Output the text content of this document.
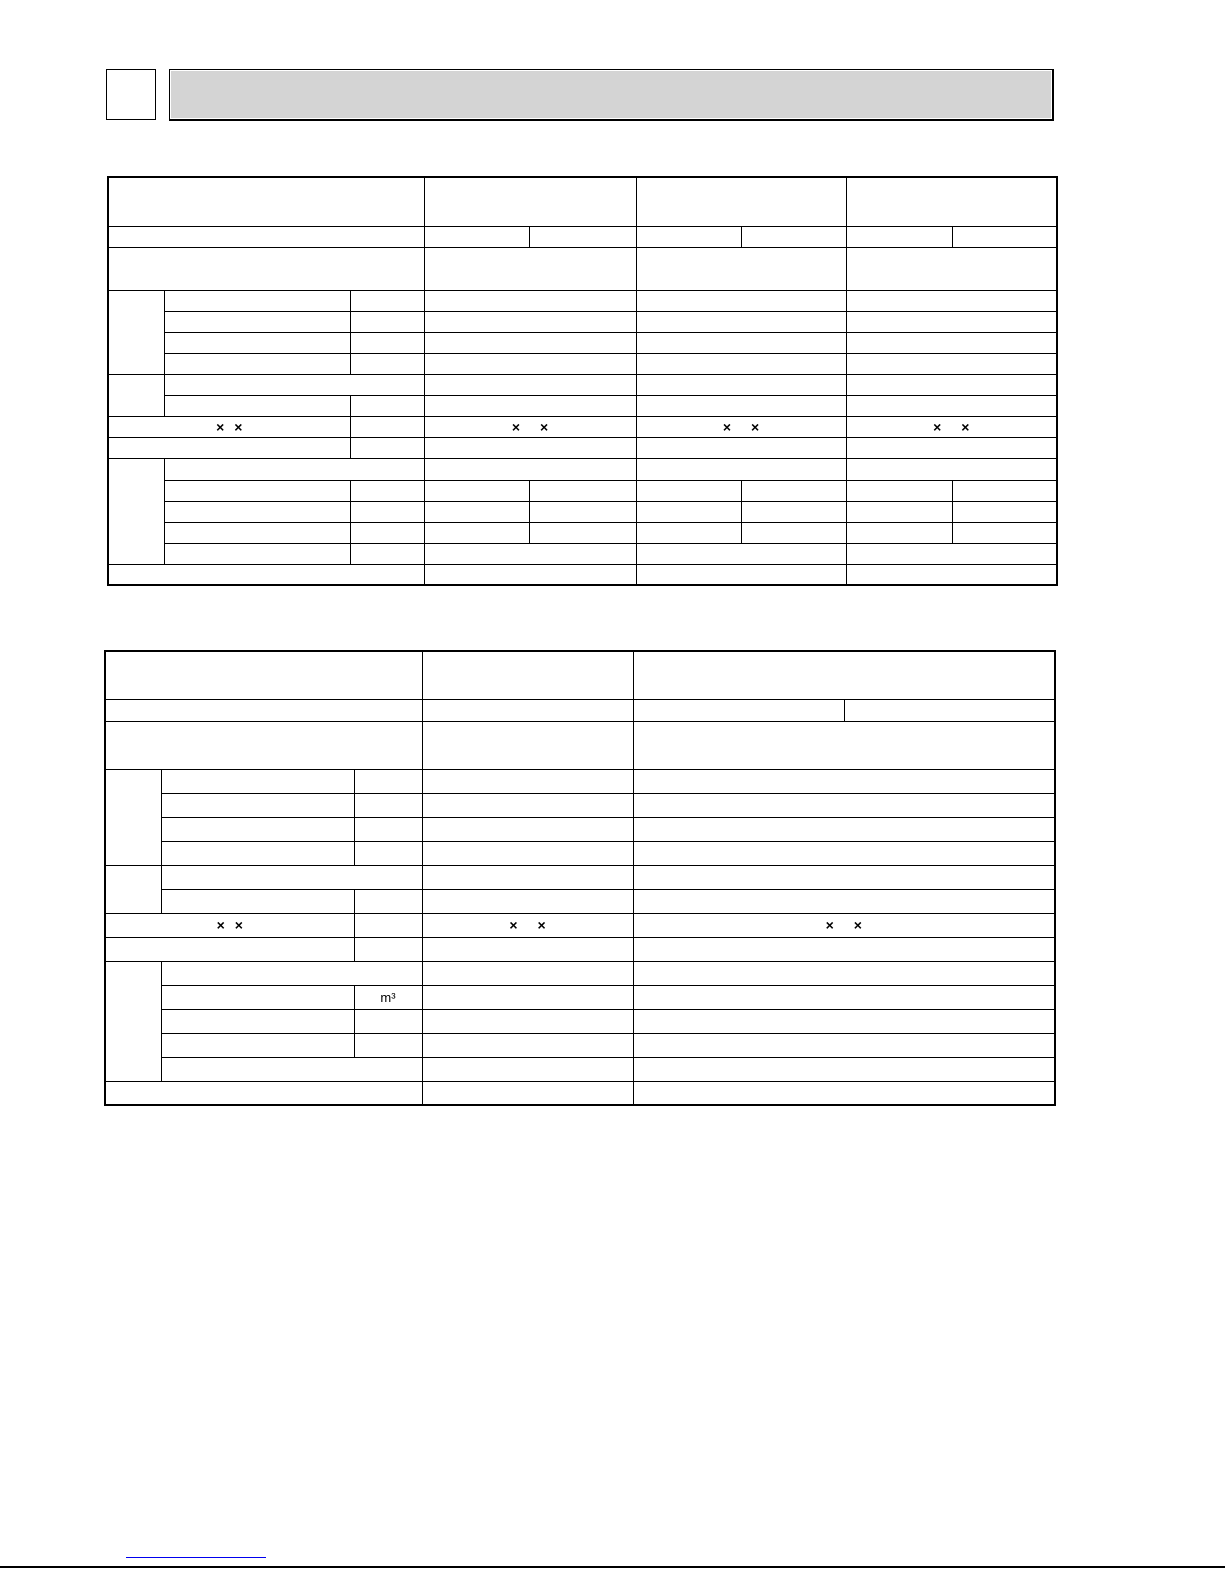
× ×			× ×		× ×		× ×	

× ×			× ×	× ×	

		m³			
